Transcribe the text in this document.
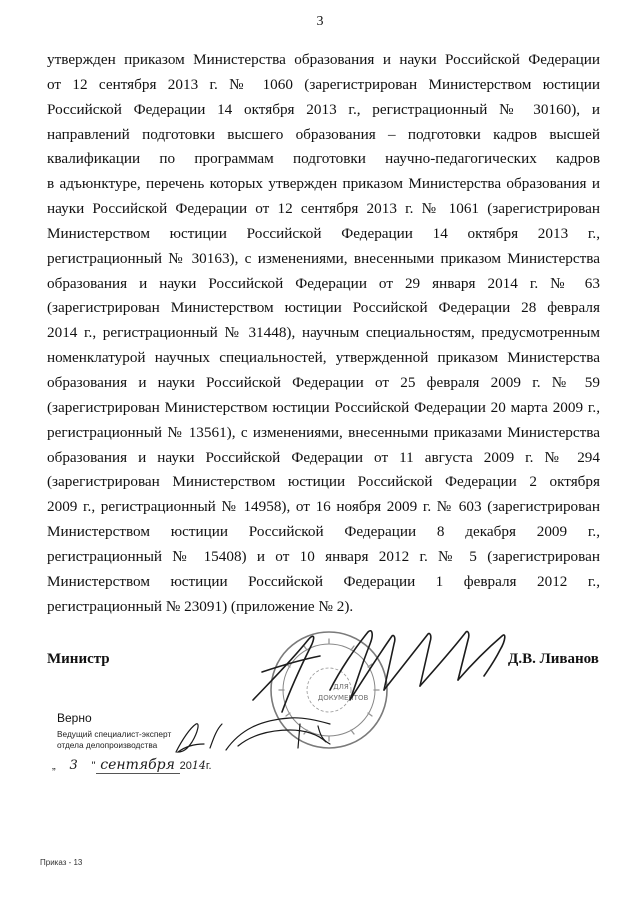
3
утвержден приказом Министерства образования и науки Российской Федерации
от 12 сентября 2013 г. № 1060 (зарегистрирован Министерством юстиции
Российской Федерации 14 октября 2013 г., регистрационный № 30160), и
направлений подготовки высшего образования – подготовки кадров высшей
квалификации по программам подготовки научно-педагогических кадров
в адъюнктуре, перечень которых утвержден приказом Министерства образования и
науки Российской Федерации от 12 сентября 2013 г. № 1061 (зарегистрирован
Министерством юстиции Российской Федерации 14 октября 2013 г.,
регистрационный № 30163), с изменениями, внесенными приказом Министерства
образования и науки Российской Федерации от 29 января 2014 г. № 63
(зарегистрирован Министерством юстиции Российской Федерации 28 февраля
2014 г., регистрационный № 31448), научным специальностям, предусмотренным
номенклатурой научных специальностей, утвержденной приказом Министерства
образования и науки Российской Федерации от 25 февраля 2009 г. № 59
(зарегистрирован Министерством юстиции Российской Федерации 20 марта 2009 г.,
регистрационный № 13561), с изменениями, внесенными приказами Министерства
образования и науки Российской Федерации от 11 августа 2009 г. № 294
(зарегистрирован Министерством юстиции Российской Федерации 2 октября
2009 г., регистрационный № 14958), от 16 ноября 2009 г. № 603 (зарегистрирован
Министерством юстиции Российской Федерации 8 декабря 2009 г.,
регистрационный № 15408) и от 10 января 2012 г. № 5 (зарегистрирован
Министерством юстиции Российской Федерации 1 февраля 2012 г.,
регистрационный № 23091) (приложение № 2).
Министр	Д.В. Ливанов
ДЛЯ
ДОКУМЕНТОВ
Верно
Ведущий специалист-эксперт
отдела делопроизводства
„	3	" сентября 20 14 г.
Приказ - 13
